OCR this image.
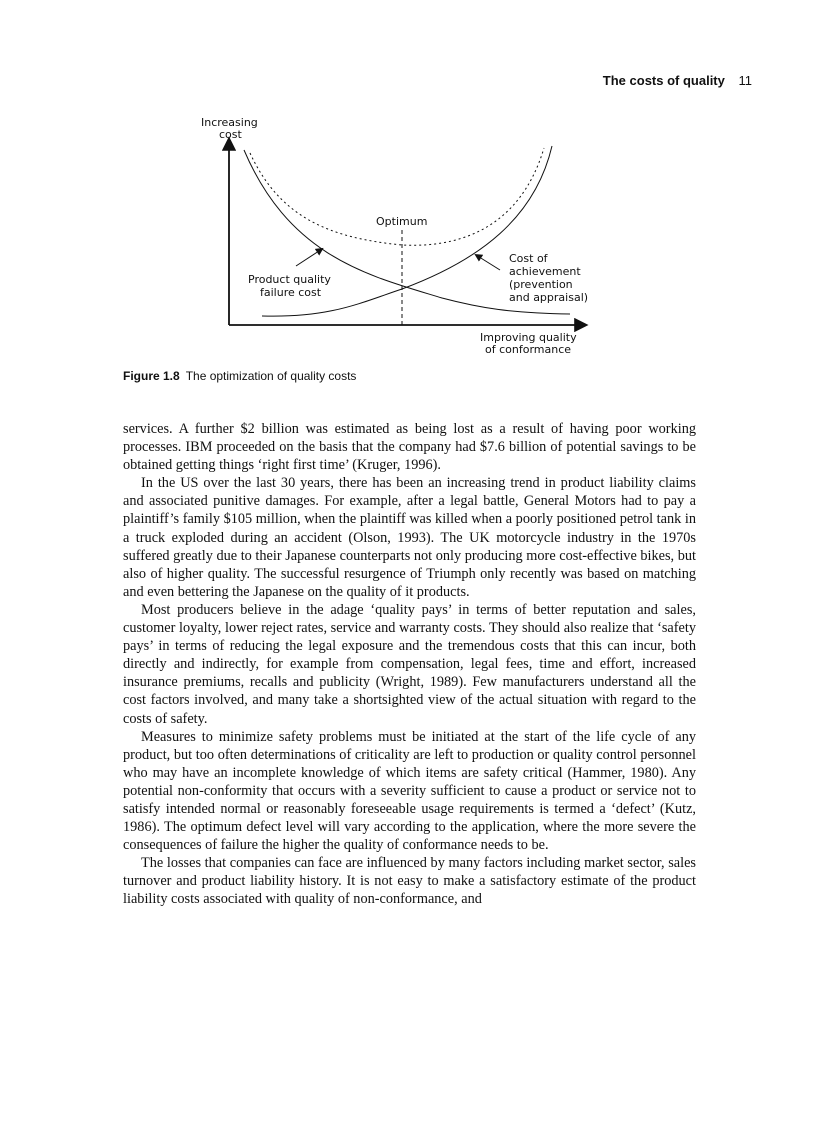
The costs of quality 11
Increasing
cost
Optimum
Product quality
failure cost
Cost of
achievement
(prevention
and appraisal)
Improving quality
of conformance
Figure 1.8 The optimization of quality costs

services. A further $2 billion was estimated as being lost as a result of having poor working processes. IBM proceeded on the basis that the company had $7.6 billion of potential savings to be obtained getting things ‘right first time’ (Kruger, 1996).

In the US over the last 30 years, there has been an increasing trend in product liability claims and associated punitive damages. For example, after a legal battle, General Motors had to pay a plaintiff’s family $105 million, when the plaintiff was killed when a poorly positioned petrol tank in a truck exploded during an accident (Olson, 1993). The UK motorcycle industry in the 1970s suffered greatly due to their Japanese counterparts not only producing more cost-effective bikes, but also of higher quality. The successful resurgence of Triumph only recently was based on matching and even bettering the Japanese on the quality of it products.

Most producers believe in the adage ‘quality pays’ in terms of better reputation and sales, customer loyalty, lower reject rates, service and warranty costs. They should also realize that ‘safety pays’ in terms of reducing the legal exposure and the tremendous costs that this can incur, both directly and indirectly, for example from compensation, legal fees, time and effort, increased insurance premiums, recalls and publicity (Wright, 1989). Few manufacturers understand all the cost factors involved, and many take a shortsighted view of the actual situation with regard to the costs of safety.

Measures to minimize safety problems must be initiated at the start of the life cycle of any product, but too often determinations of criticality are left to production or quality control personnel who may have an incomplete knowledge of which items are safety critical (Hammer, 1980). Any potential non-conformity that occurs with a severity sufficient to cause a product or service not to satisfy intended normal or reasonably foreseeable usage requirements is termed a ‘defect’ (Kutz, 1986). The optimum defect level will vary according to the application, where the more severe the consequences of failure the higher the quality of conformance needs to be.

The losses that companies can face are influenced by many factors including market sector, sales turnover and product liability history. It is not easy to make a satisfactory estimate of the product liability costs associated with quality of non-conformance, and
